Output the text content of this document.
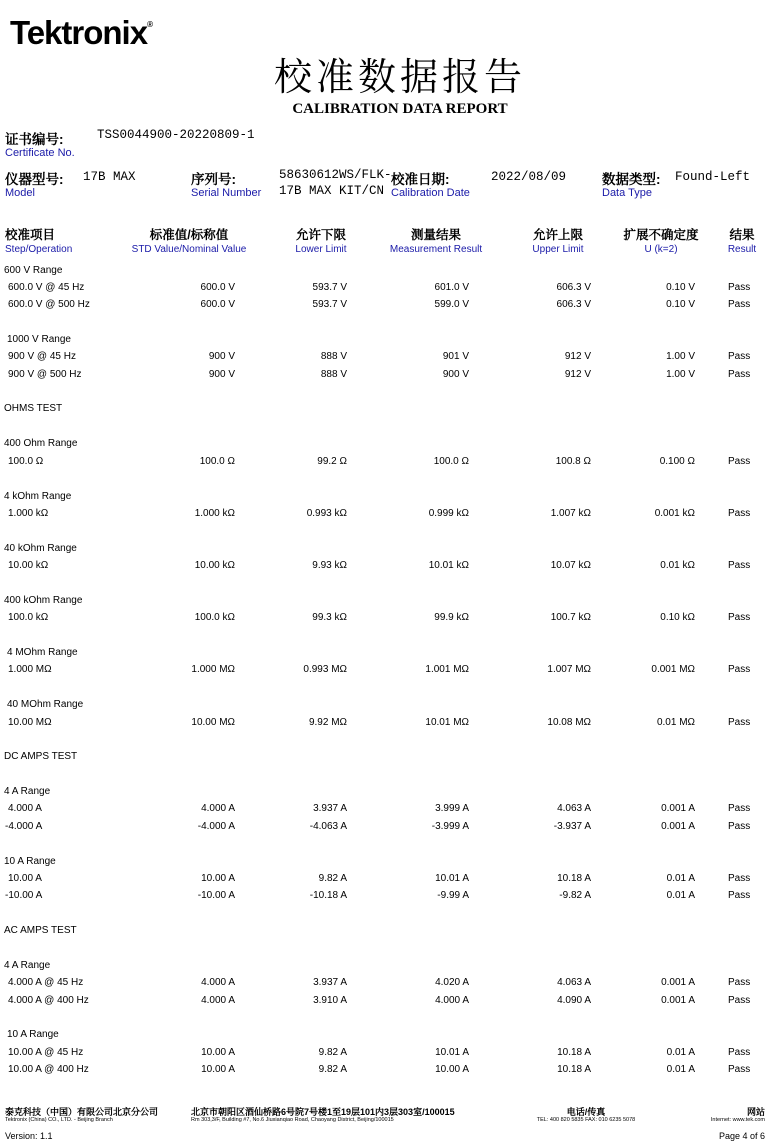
Tektronix®
校准数据报告
CALIBRATION DATA REPORT
证书编号:
Certificate No.
TSS0044900-20220809-1
仪器型号:
Model
17B MAX	序列号:
Serial Number
58630612WS/FLK-
17B MAX KIT/CN
校准日期:
Calibration Date
2022/08/09	数据类型:
Data Type
Found-Left
校准项目
Step/Operation
标准值/标称值
STD Value/Nominal Value
允许下限
Lower Limit
测量结果
Measurement Result
允许上限
Upper Limit
扩展不确定度
U (k=2)
结果
Result
600 V Range
600.0 V @ 45 Hz	600.0 V	593.7 V	601.0 V	606.3 V	0.10 V	Pass
600.0 V @ 500 Hz	600.0 V	593.7 V	599.0 V	606.3 V	0.10 V	Pass
1000 V Range
900 V @ 45 Hz	900 V	888 V	901 V	912 V	1.00 V	Pass
900 V @ 500 Hz	900 V	888 V	900 V	912 V	1.00 V	Pass
OHMS TEST
400 Ohm Range
100.0 Ω	100.0 Ω	99.2 Ω	100.0 Ω	100.8 Ω	0.100 Ω	Pass
4 kOhm Range
1.000 kΩ	1.000 kΩ	0.993 kΩ	0.999 kΩ	1.007 kΩ	0.001 kΩ	Pass
40 kOhm Range
10.00 kΩ	10.00 kΩ	9.93 kΩ	10.01 kΩ	10.07 kΩ	0.01 kΩ	Pass
400 kOhm Range
100.0 kΩ	100.0 kΩ	99.3 kΩ	99.9 kΩ	100.7 kΩ	0.10 kΩ	Pass
4 MOhm Range
1.000 MΩ	1.000 MΩ	0.993 MΩ	1.001 MΩ	1.007 MΩ	0.001 MΩ	Pass
40 MOhm Range
10.00 MΩ	10.00 MΩ	9.92 MΩ	10.01 MΩ	10.08 MΩ	0.01 MΩ	Pass
DC AMPS TEST
4 A Range
4.000 A	4.000 A	3.937 A	3.999 A	4.063 A	0.001 A	Pass
-4.000 A	-4.000 A	-4.063 A	-3.999 A	-3.937 A	0.001 A	Pass
10 A Range
10.00 A	10.00 A	9.82 A	10.01 A	10.18 A	0.01 A	Pass
-10.00 A	-10.00 A	-10.18 A	-9.99 A	-9.82 A	0.01 A	Pass
AC AMPS TEST
4 A Range
4.000 A @ 45 Hz	4.000 A	3.937 A	4.020 A	4.063 A	0.001 A	Pass
4.000 A @ 400 Hz	4.000 A	3.910 A	4.000 A	4.090 A	0.001 A	Pass
10 A Range
10.00 A @ 45 Hz	10.00 A	9.82 A	10.01 A	10.18 A	0.01 A	Pass
10.00 A @ 400 Hz	10.00 A	9.82 A	10.00 A	10.18 A	0.01 A	Pass
泰克科技（中国）有限公司北京分公司
Tektronix (China) CO., LTD. - Beijing Branch
北京市朝阳区酒仙桥路6号院7号楼1至19层101内3层303室/100015
Rm 303,3/F, Building #7, No.6 Jiuxianqiao Road, Chaoyang District, Beijing/100015
电话/传真
TEL: 400 820 5835 FAX: 010 6235 5078
网站
Internet: www.tek.com
Version: 1.1	Page 4 of 6
